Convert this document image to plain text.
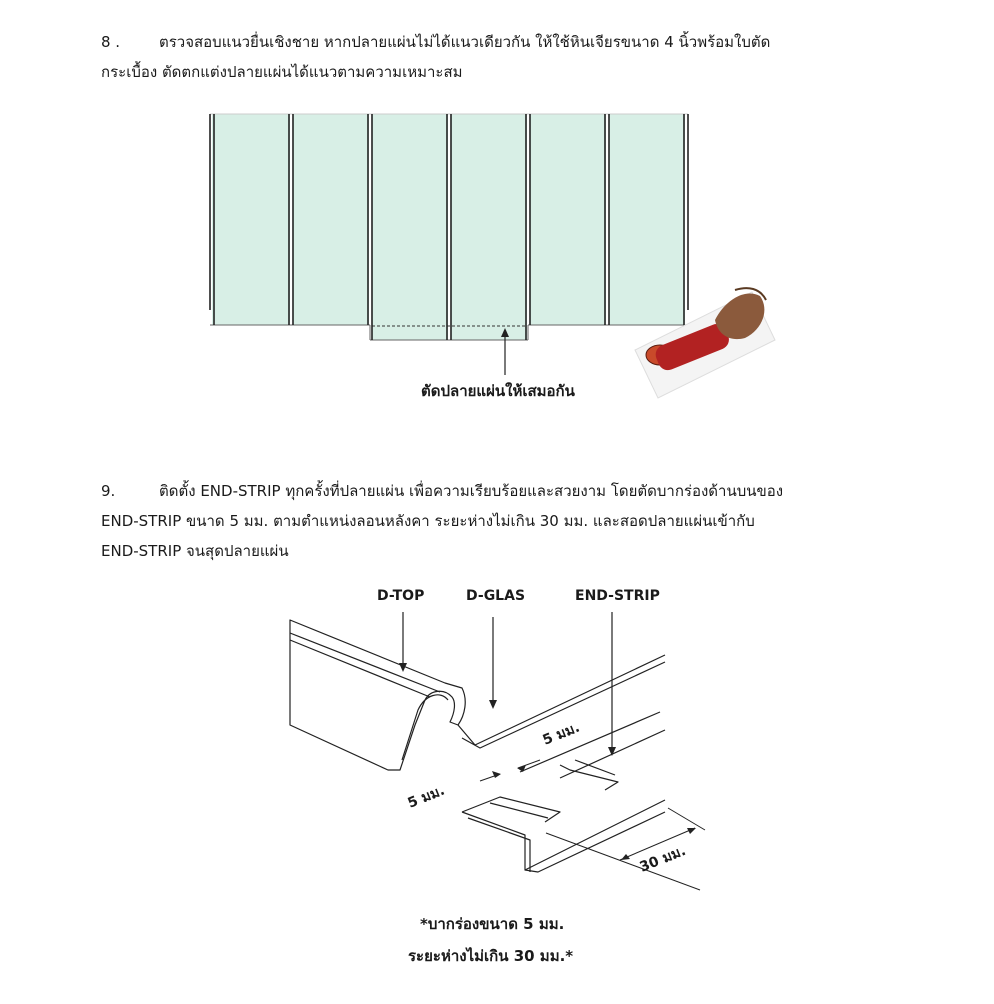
8 .	ตรวจสอบแนวยื่นเชิงชาย หากปลายแผ่นไม่ได้แนวเดียวกัน ให้ใช้หินเจียรขนาด 4 นิ้วพร้อมใบตัด
กระเบื้อง ตัดตกแต่งปลายแผ่นได้แนวตามความเหมาะสม
ตัดปลายแผ่นให้เสมอกัน
9.	ติดตั้ง END-STRIP ทุกครั้งที่ปลายแผ่น เพื่อความเรียบร้อยและสวยงาม โดยตัดบากร่องด้านบนของ
END-STRIP ขนาด 5 มม. ตามตำแหน่งลอนหลังคา ระยะห่างไม่เกิน 30 มม. และสอดปลายแผ่นเข้ากับ
END-STRIP จนสุดปลายแผ่น
D-TOP	D-GLAS	END-STRIP
5 มม.
5 มม.
30 มม.
*บากร่องขนาด 5 มม.
ระยะห่างไม่เกิน 30 มม.*
